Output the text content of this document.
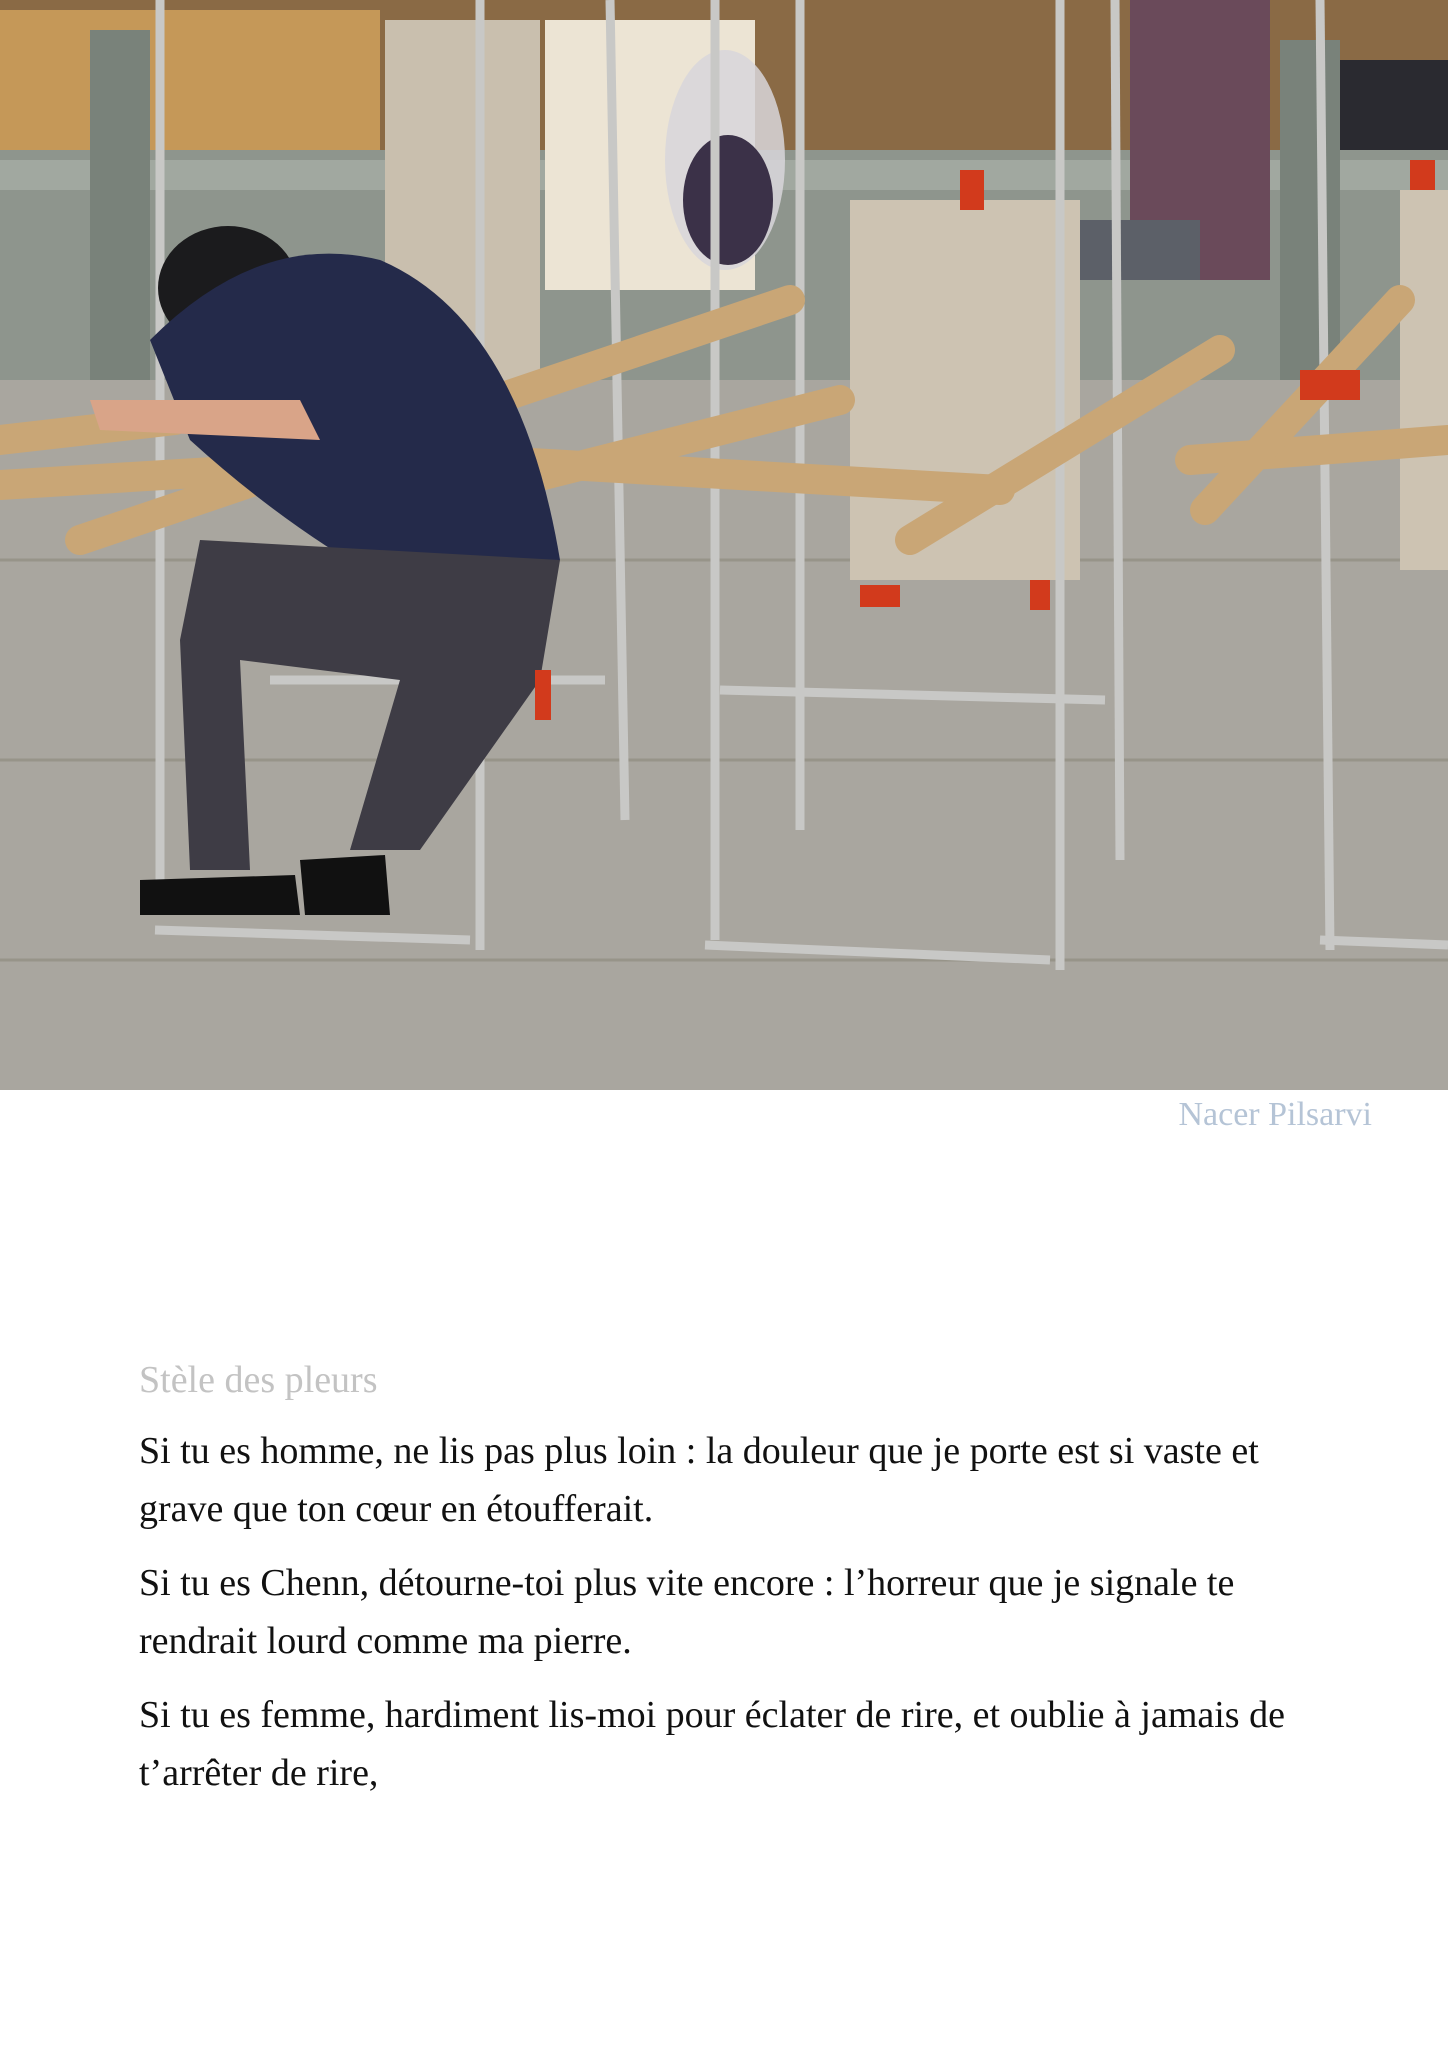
Nacer Pilsarvi
Stèle des pleurs

Si tu es homme, ne lis pas plus loin : la douleur que je porte est si vaste et grave que ton cœur en étoufferait.

Si tu es Chenn, détourne-toi plus vite encore : l’horreur que je signale te rendrait lourd comme ma pierre.

Si tu es femme, hardiment lis-moi pour éclater de rire, et oublie à jamais de t’arrêter de rire,
